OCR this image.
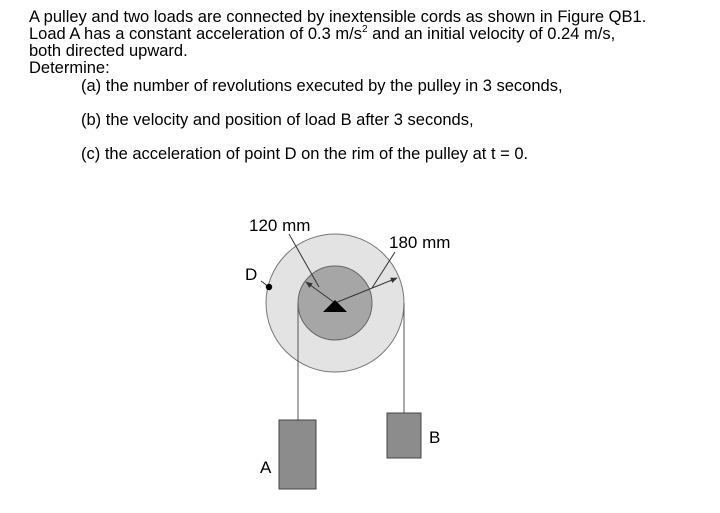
A pulley and two loads are connected by inextensible cords as shown in Figure QB1.
Load A has a constant acceleration of 0.3 $m/s^2$ and an initial velocity of 0.24 m/s,
both directed upward.
Determine:
(a) the number of revolutions executed by the pulley in 3 seconds,
(b) the velocity and position of load B after 3 seconds,
(c) the acceleration of point D on the rim of the pulley at t = 0.
120 mm
180 mm
D
A
B
